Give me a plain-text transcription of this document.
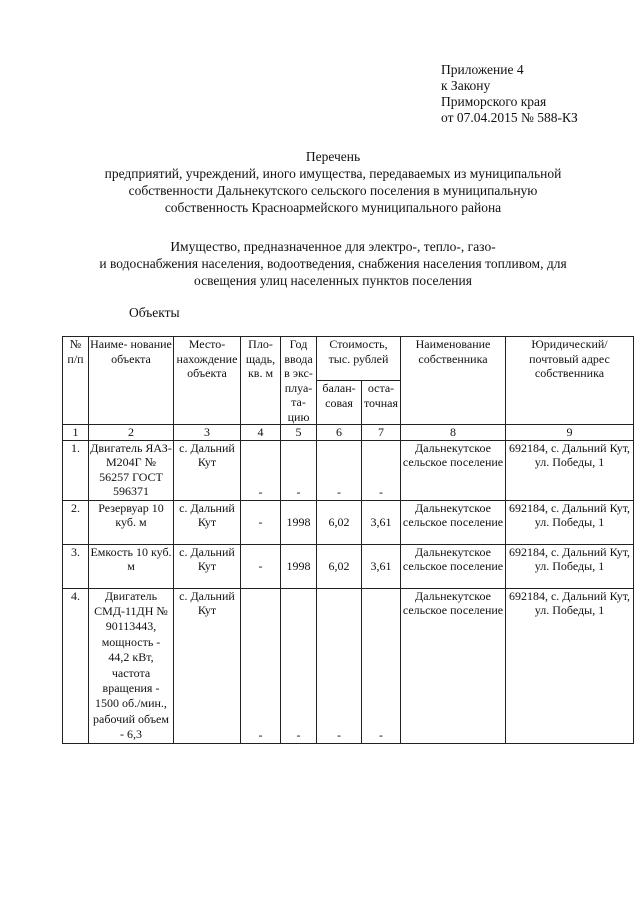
Приложение 4
к Закону
Приморского края
от 07.04.2015 № 588-КЗ
Перечень
предприятий, учреждений, иного имущества, передаваемых из муниципальной
собственности Дальнекутского сельского поселения в муниципальную
собственность Красноармейского муниципального района
Имущество, предназначенное для электро-, тепло-, газо-
и водоснабжения населения, водоотведения, снабжения населения топливом, для
освещения улиц населенных пунктов поселения
Объекты
№ п/п	Наиме- нование объекта	Место- нахождение объекта	Пло- щадь, кв. м	Год ввода в экс- плуа- та- цию	Стоимость, тыс. рублей		Наименование собственника	Юридический/ почтовый адрес собственника
					балан- совая	оста- точная		
1	2	3	4	5	6	7	8	9
1.	Двигатель ЯАЗ-М204Г № 56257 ГОСТ 596371	с. Дальний Кут	-	-	-	-	Дальнекутское сельское поселение	692184, с. Дальний Кут, ул. Победы, 1
2.	Резервуар 10 куб. м	с. Дальний Кут	-	1998	6,02	3,61	Дальнекутское сельское поселение	692184, с. Дальний Кут, ул. Победы, 1
3.	Емкость 10 куб. м	с. Дальний Кут	-	1998	6,02	3,61	Дальнекутское сельское поселение	692184, с. Дальний Кут, ул. Победы, 1
4.	Двигатель СМД-11ДН № 90113443, мощность - 44,2 кВт, частота вращения - 1500 об./мин., рабочий объем - 6,3	с. Дальний Кут	-	-	-	-	Дальнекутское сельское поселение	692184, с. Дальний Кут, ул. Победы, 1
